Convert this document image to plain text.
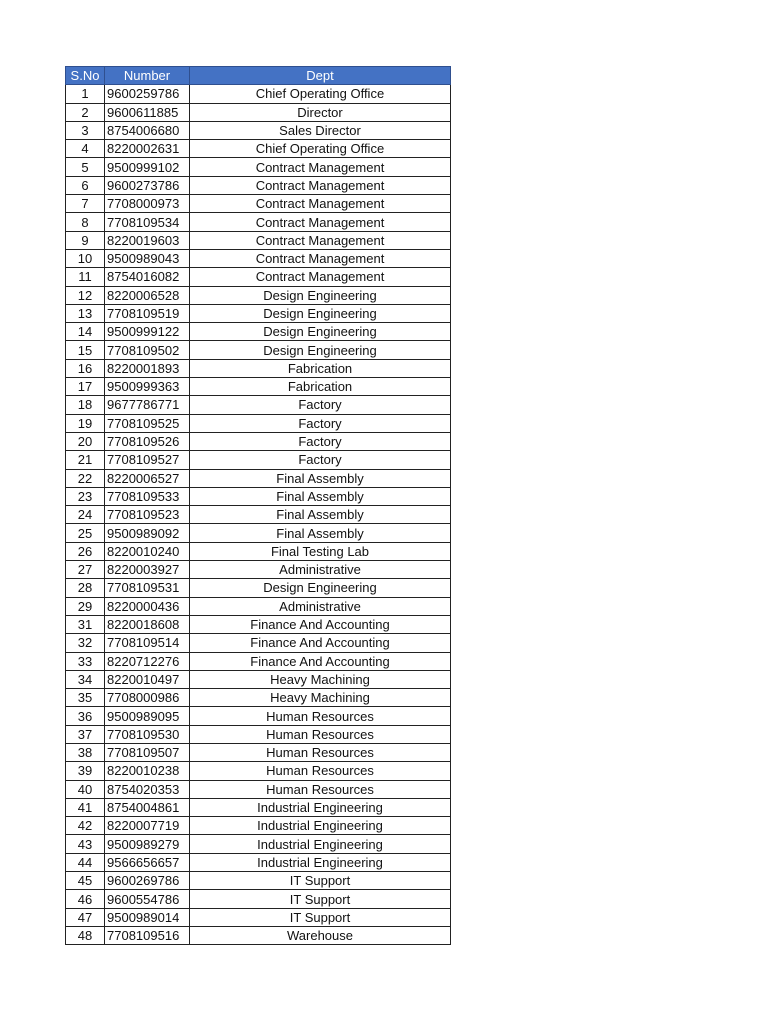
S.No	Number	Dept
1	9600259786	Chief Operating Office
2	9600611885	Director
3	8754006680	Sales Director
4	8220002631	Chief Operating Office
5	9500999102	Contract Management
6	9600273786	Contract Management
7	7708000973	Contract Management
8	7708109534	Contract Management
9	8220019603	Contract Management
10	9500989043	Contract Management
11	8754016082	Contract Management
12	8220006528	Design Engineering
13	7708109519	Design Engineering
14	9500999122	Design Engineering
15	7708109502	Design Engineering
16	8220001893	Fabrication
17	9500999363	Fabrication
18	9677786771	Factory
19	7708109525	Factory
20	7708109526	Factory
21	7708109527	Factory
22	8220006527	Final Assembly
23	7708109533	Final Assembly
24	7708109523	Final Assembly
25	9500989092	Final Assembly
26	8220010240	Final Testing Lab
27	8220003927	Administrative
28	7708109531	Design Engineering
29	8220000436	Administrative
31	8220018608	Finance And Accounting
32	7708109514	Finance And Accounting
33	8220712276	Finance And Accounting
34	8220010497	Heavy Machining
35	7708000986	Heavy Machining
36	9500989095	Human Resources
37	7708109530	Human Resources
38	7708109507	Human Resources
39	8220010238	Human Resources
40	8754020353	Human Resources
41	8754004861	Industrial Engineering
42	8220007719	Industrial Engineering
43	9500989279	Industrial Engineering
44	9566656657	Industrial Engineering
45	9600269786	IT Support
46	9600554786	IT Support
47	9500989014	IT Support
48	7708109516	Warehouse
